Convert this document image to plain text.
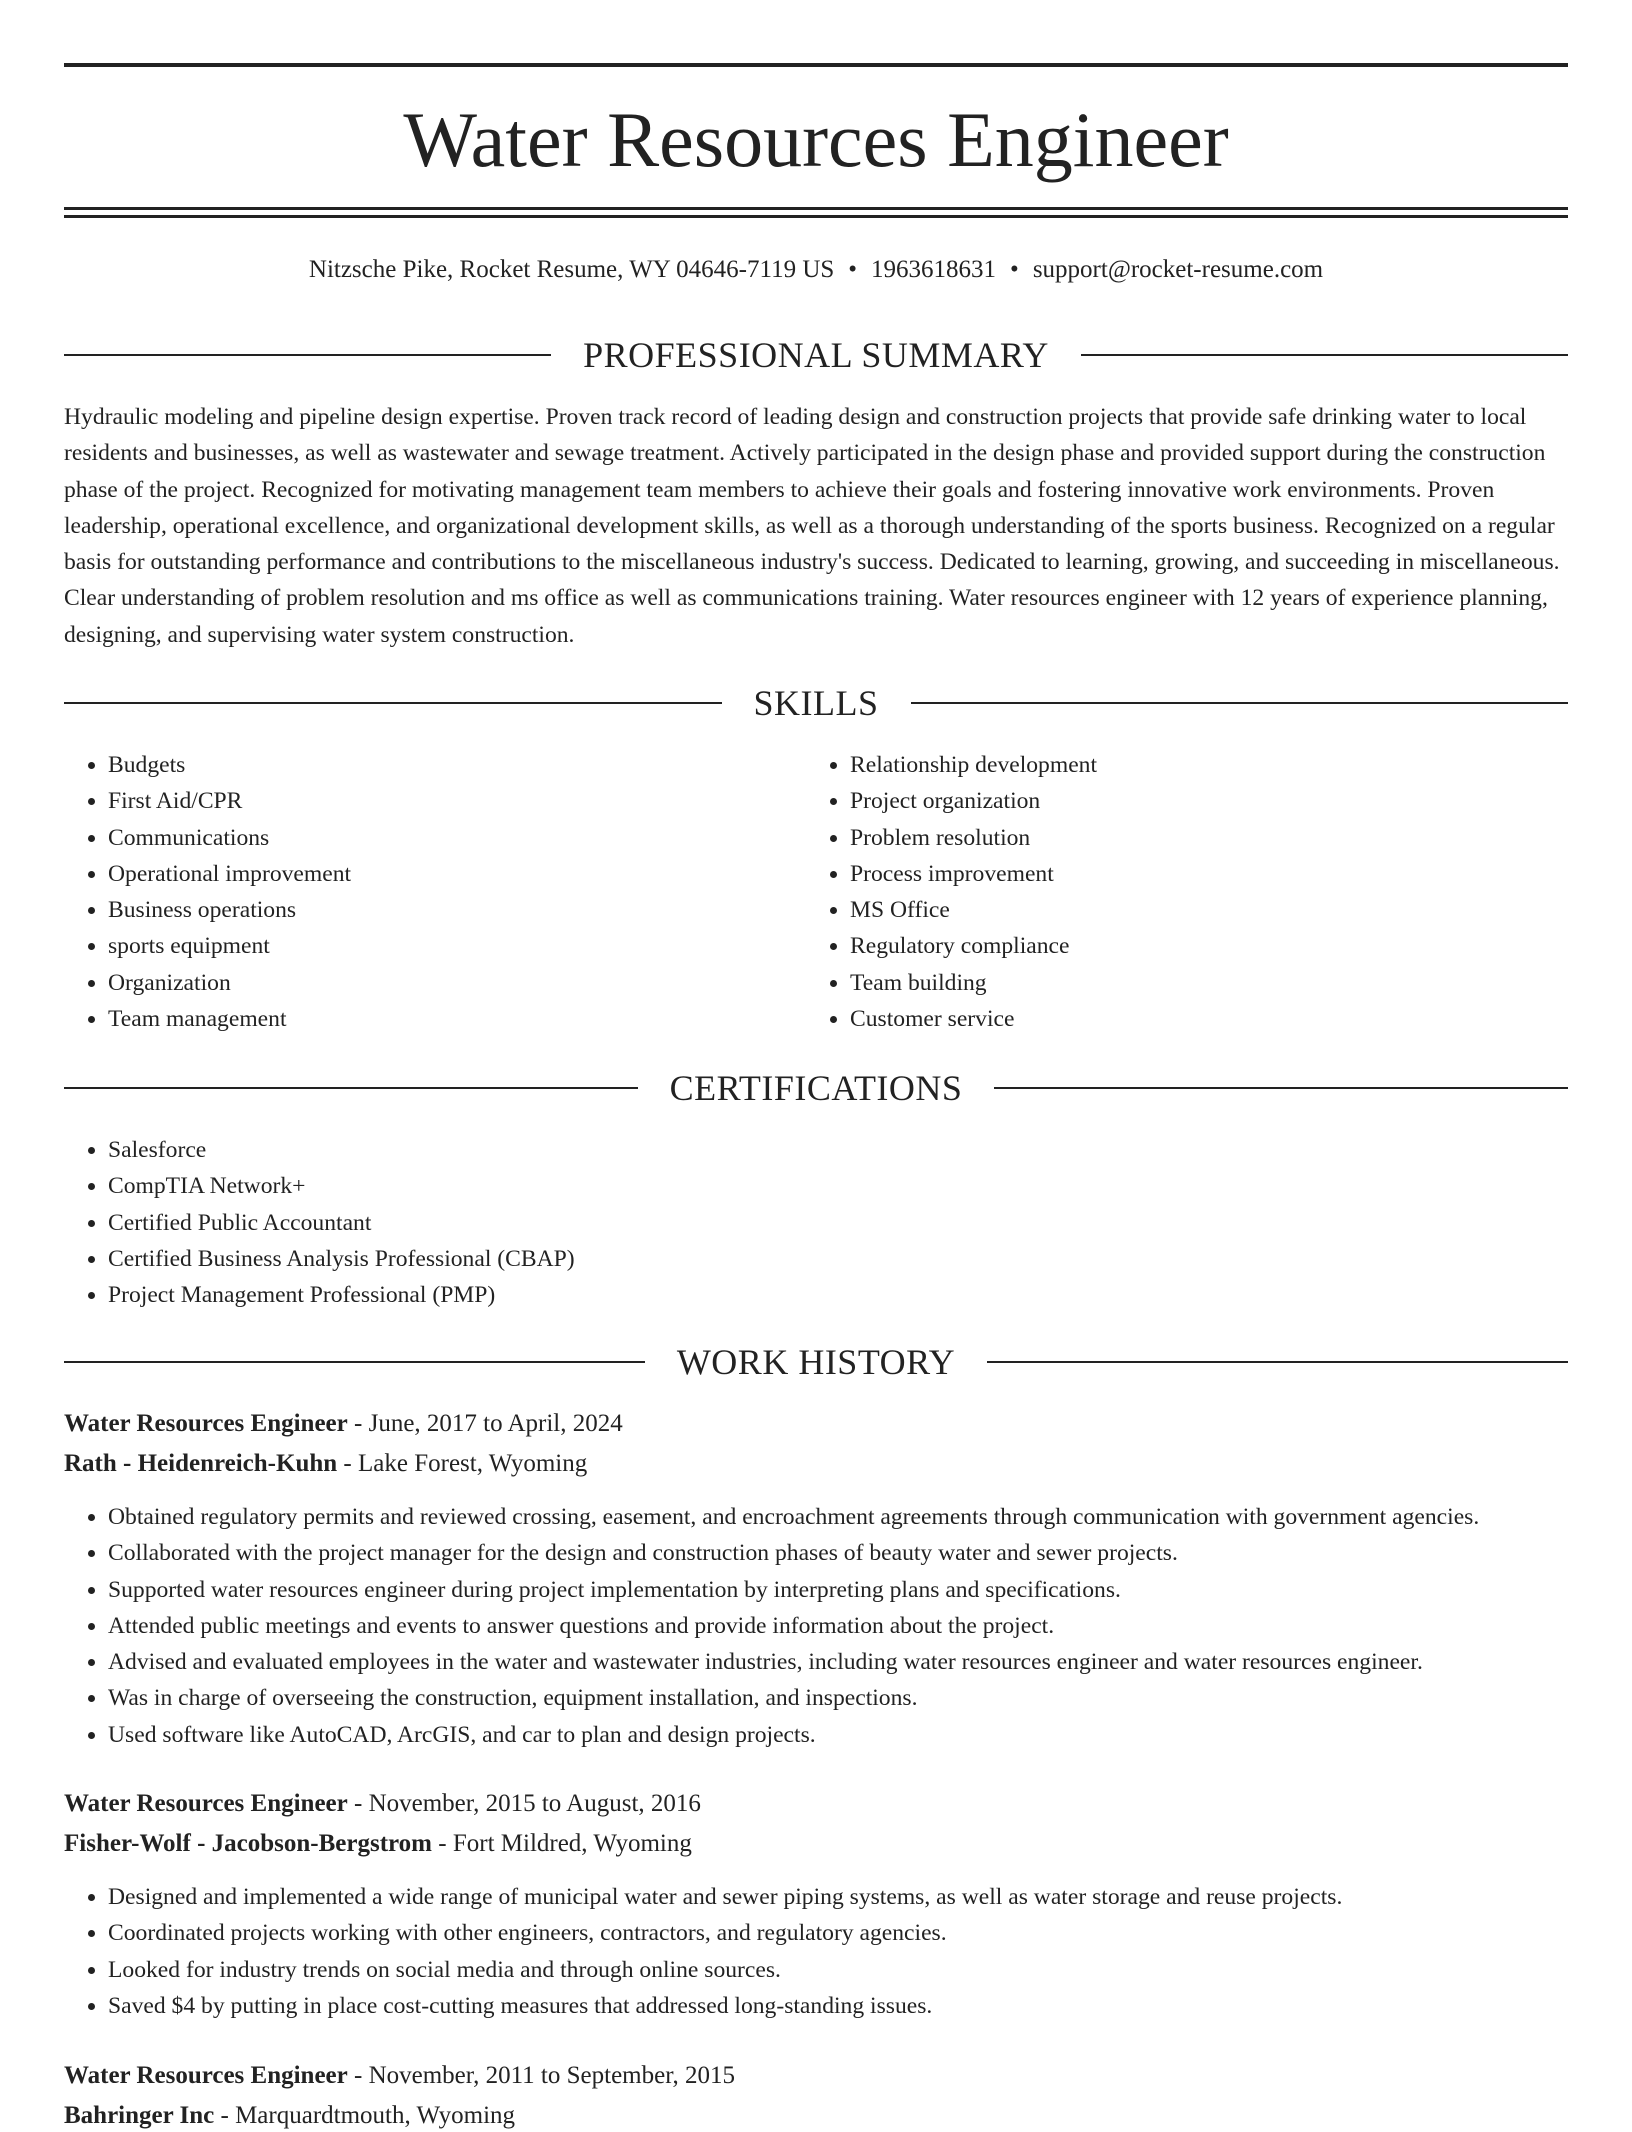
Water Resources Engineer
Nitzsche Pike, Rocket Resume, WY 04646-7119 US • 1963618631 • support@rocket-resume.com
PROFESSIONAL SUMMARY

Hydraulic modeling and pipeline design expertise. Proven track record of leading design and construction projects that provide safe drinking water to local residents and businesses, as well as wastewater and sewage treatment. Actively participated in the design phase and provided support during the construction phase of the project. Recognized for motivating management team members to achieve their goals and fostering innovative work environments. Proven leadership, operational excellence, and organizational development skills, as well as a thorough understanding of the sports business. Recognized on a regular basis for outstanding performance and contributions to the miscellaneous industry's success. Dedicated to learning, growing, and succeeding in miscellaneous. Clear understanding of problem resolution and ms office as well as communications training. Water resources engineer with 12 years of experience planning, designing, and supervising water system construction.

SKILLS
• Budgets
• First Aid/CPR
• Communications
• Operational improvement
• Business operations
• sports equipment
• Organization
• Team management
• Relationship development
• Project organization
• Problem resolution
• Process improvement
• MS Office
• Regulatory compliance
• Team building
• Customer service
CERTIFICATIONS
• Salesforce
• CompTIA Network+
• Certified Public Accountant
• Certified Business Analysis Professional (CBAP)
• Project Management Professional (PMP)
WORK HISTORY
Water Resources Engineer - June, 2017 to April, 2024
Rath - Heidenreich-Kuhn - Lake Forest, Wyoming
• Obtained regulatory permits and reviewed crossing, easement, and encroachment agreements through communication with government agencies.
• Collaborated with the project manager for the design and construction phases of beauty water and sewer projects.
• Supported water resources engineer during project implementation by interpreting plans and specifications.
• Attended public meetings and events to answer questions and provide information about the project.
• Advised and evaluated employees in the water and wastewater industries, including water resources engineer and water resources engineer.
• Was in charge of overseeing the construction, equipment installation, and inspections.
• Used software like AutoCAD, ArcGIS, and car to plan and design projects.
Water Resources Engineer - November, 2015 to August, 2016
Fisher-Wolf - Jacobson-Bergstrom - Fort Mildred, Wyoming
• Designed and implemented a wide range of municipal water and sewer piping systems, as well as water storage and reuse projects.
• Coordinated projects working with other engineers, contractors, and regulatory agencies.
• Looked for industry trends on social media and through online sources.
• Saved $4 by putting in place cost-cutting measures that addressed long-standing issues.
Water Resources Engineer - November, 2011 to September, 2015
Bahringer Inc - Marquardtmouth, Wyoming
